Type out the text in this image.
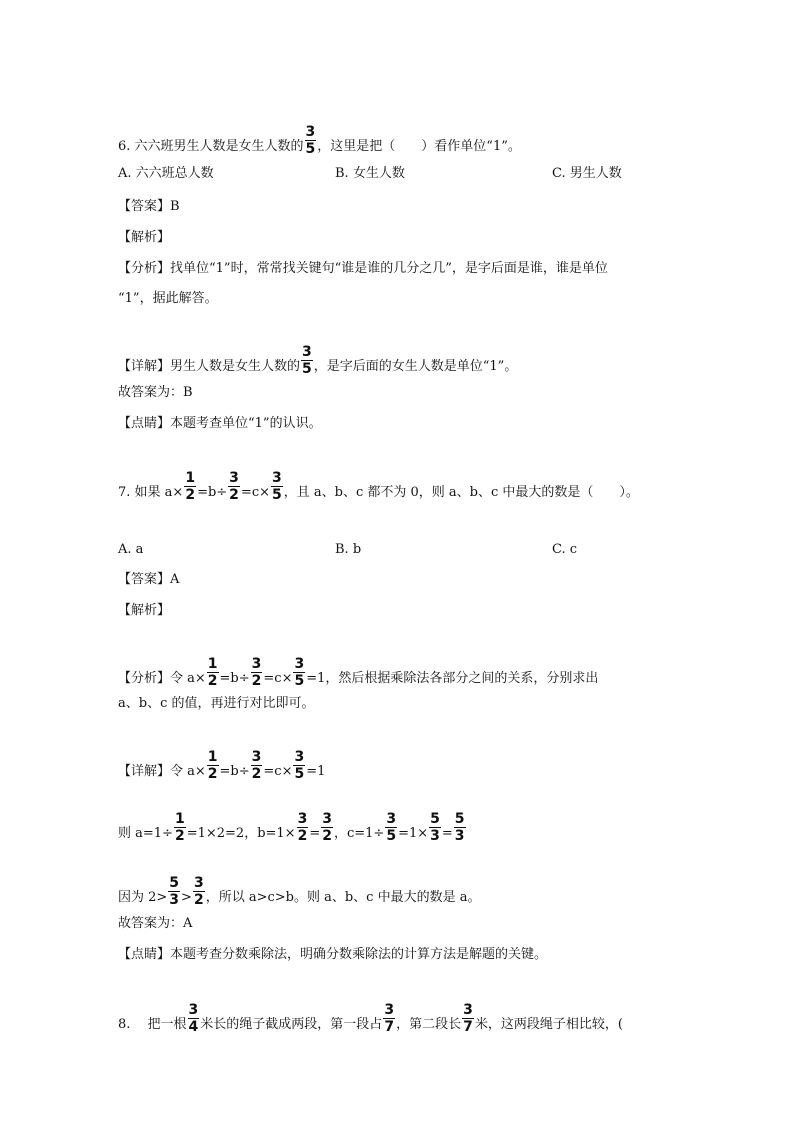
6. 六六班男生人数是女生人数的 $\frac{3}{5}$ ，这里是把（　　）看作单位“1”。
A. 六六班总人数	B. 女生人数	C. 男生人数
【答案】B
【解析】
【分析】找单位“1”时，常常找关键句“谁是谁的几分之几”，是字后面是谁，谁是单位
“1”，据此解答。
【详解】男生人数是女生人数的 $\frac{3}{5}$ ，是字后面的女生人数是单位“1”。
故答案为：B
【点睛】本题考查单位“1”的认识。
7. 如果 $a\times \frac{1}{2} =b\div \frac{3}{2} =c\times \frac{3}{5}$ ，且 a、b、c 都不为 0，则 a、b、c 中最大的数是（　　）。
A. a	B. b	C. c
【答案】A
【解析】
【分析】令 $a\times \frac{1}{2} =b\div \frac{3}{2} =c\times \frac{3}{5} =1$，然后根据乘除法各部分之间的关系，分别求出
a、b、c 的值，再进行对比即可。
【详解】令 $a\times \frac{1}{2} =b\div \frac{3}{2} =c\times \frac{3}{5} =1$
则 $a=1\div \frac{1}{2} =1\times 2=2$，$b=1\times \frac{3}{2} = \frac{3}{2}$ ，$c=1\div \frac{3}{5} =1\times \frac{5}{3} = \frac{5}{3}$
因为 $2> \frac{5}{3} > \frac{3}{2}$ ，所以 a>c>b。则 a、b、c 中最大的数是 a。
故答案为：A
【点睛】本题考查分数乘除法，明确分数乘除法的计算方法是解题的关键。
8.　 把一根 $\frac{3}{4}$ 米长的绳子截成两段，第一段占 $\frac{3}{7}$ ，第二段长 $\frac{3}{7}$ 米，这两段绳子相比较，(
